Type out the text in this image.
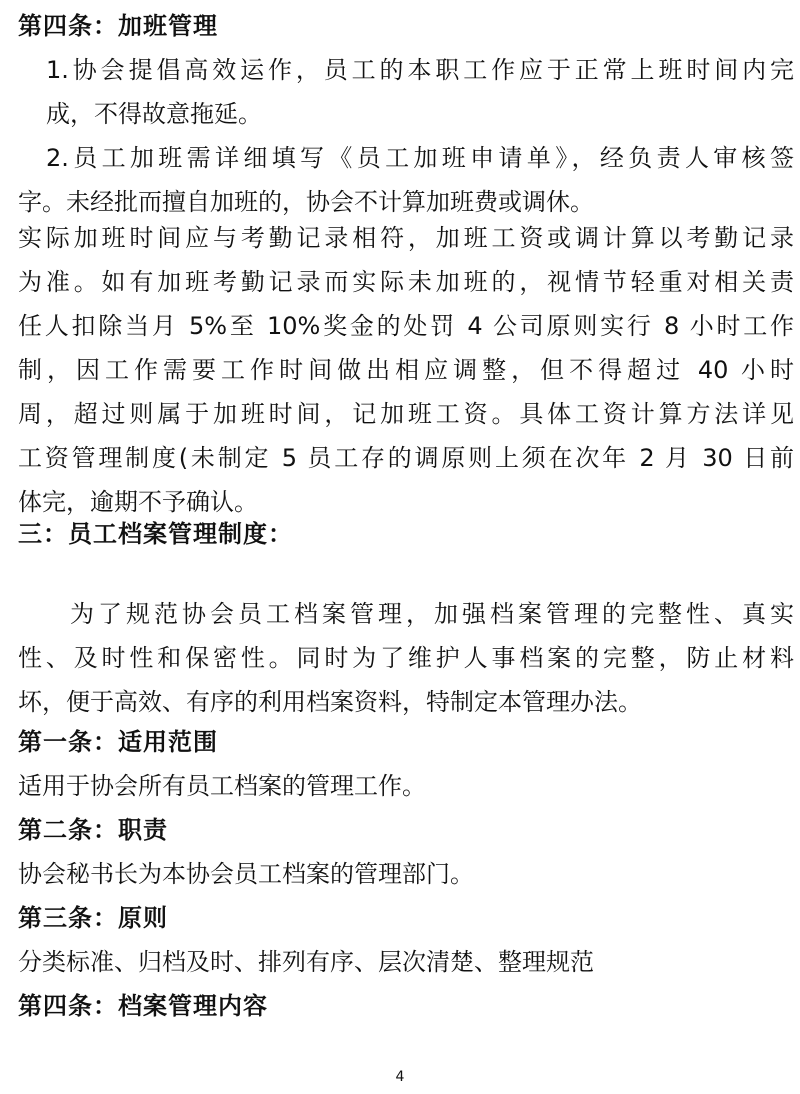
第四条：加班管理
1.协会提倡高效运作，员工的本职工作应于正常上班时间内完
成，不得故意拖延。
2.员工加班需详细填写《员工加班申请单》，经负责人审核签
字。未经批而擅自加班的，协会不计算加班费或调休。
实际加班时间应与考勤记录相符，加班工资或调计算以考勤记录
为准。如有加班考勤记录而实际未加班的，视情节轻重对相关责
任人扣除当月 5%至 10%奖金的处罚 4 公司原则实行 8 小时工作
制，因工作需要工作时间做出相应调整，但不得超过 40 小时
周，超过则属于加班时间，记加班工资。具体工资计算方法详见
工资管理制度(未制定 5 员工存的调原则上须在次年 2 月 30 日前
体完，逾期不予确认。
三：员工档案管理制度：
为了规范协会员工档案管理，加强档案管理的完整性、真实
性、及时性和保密性。同时为了维护人事档案的完整，防止材料
坏，便于高效、有序的利用档案资料，特制定本管理办法。
第一条：适用范围
适用于协会所有员工档案的管理工作。
第二条：职责
协会秘书长为本协会员工档案的管理部门。
第三条：原则
分类标准、归档及时、排列有序、层次清楚、整理规范
第四条：档案管理内容
4
